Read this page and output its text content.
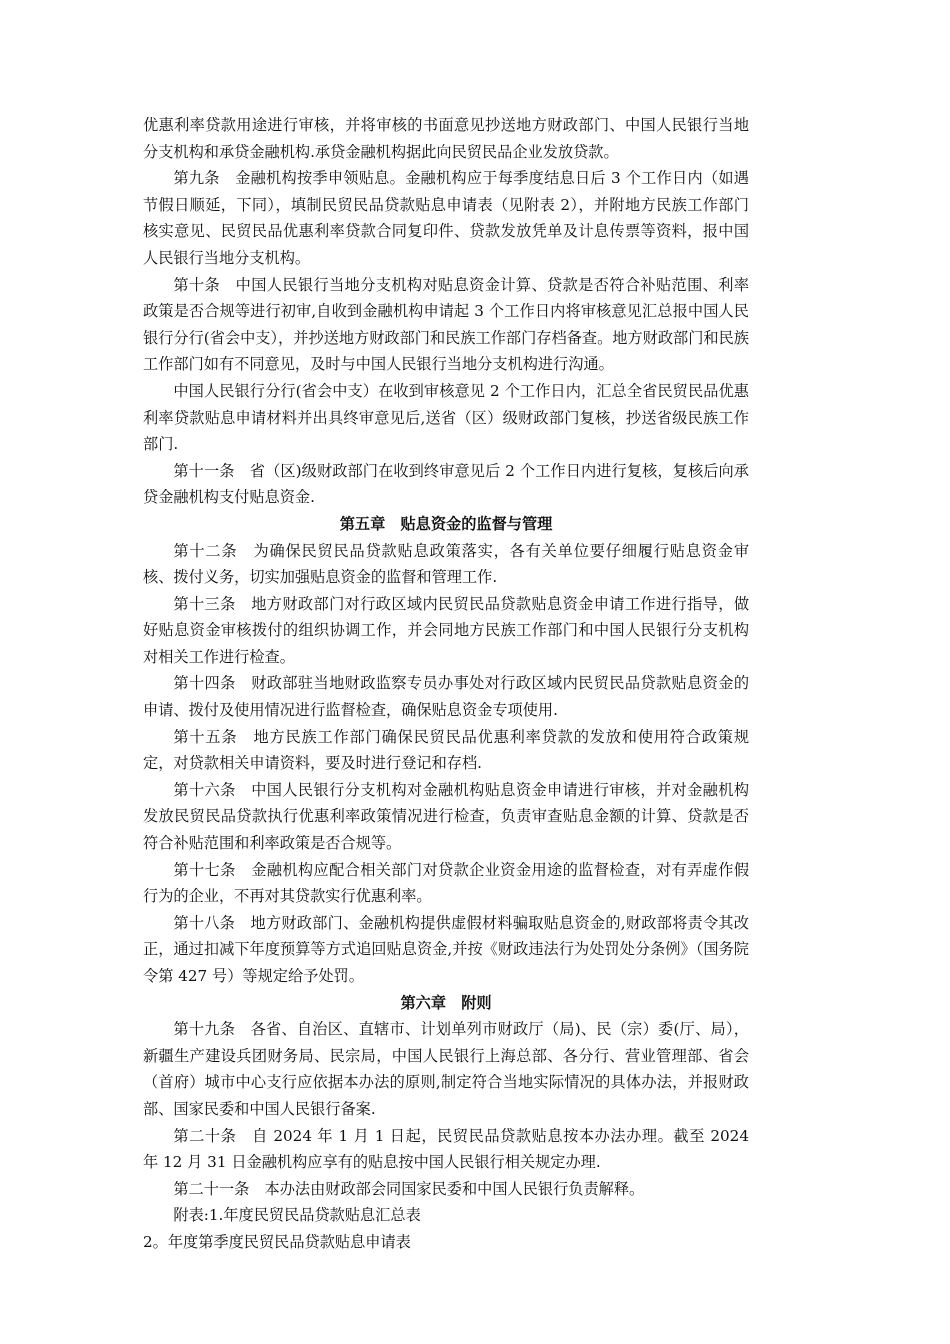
优惠利率贷款用途进行审核，并将审核的书面意见抄送地方财政部门、中国人民银行当地分支机构和承贷金融机构.承贷金融机构据此向民贸民品企业发放贷款。

第九条　金融机构按季申领贴息。金融机构应于每季度结息日后 3 个工作日内（如遇节假日顺延，下同），填制民贸民品贷款贴息申请表（见附表 2），并附地方民族工作部门核实意见、民贸民品优惠利率贷款合同复印件、贷款发放凭单及计息传票等资料，报中国人民银行当地分支机构。

第十条　中国人民银行当地分支机构对贴息资金计算、贷款是否符合补贴范围、利率政策是否合规等进行初审,自收到金融机构申请起 3 个工作日内将审核意见汇总报中国人民银行分行(省会中支），并抄送地方财政部门和民族工作部门存档备查。地方财政部门和民族工作部门如有不同意见，及时与中国人民银行当地分支机构进行沟通。

中国人民银行分行(省会中支）在收到审核意见 2 个工作日内，汇总全省民贸民品优惠利率贷款贴息申请材料并出具终审意见后,送省（区）级财政部门复核，抄送省级民族工作部门.

第十一条　省（区)级财政部门在收到终审意见后 2 个工作日内进行复核，复核后向承贷金融机构支付贴息资金.

第五章　贴息资金的监督与管理

第十二条　为确保民贸民品贷款贴息政策落实，各有关单位要仔细履行贴息资金审核、拨付义务，切实加强贴息资金的监督和管理工作.

第十三条　地方财政部门对行政区域内民贸民品贷款贴息资金申请工作进行指导，做好贴息资金审核拨付的组织协调工作，并会同地方民族工作部门和中国人民银行分支机构对相关工作进行检查。

第十四条　财政部驻当地财政监察专员办事处对行政区域内民贸民品贷款贴息资金的申请、拨付及使用情况进行监督检查，确保贴息资金专项使用.

第十五条　地方民族工作部门确保民贸民品优惠利率贷款的发放和使用符合政策规定，对贷款相关申请资料，要及时进行登记和存档.

第十六条　中国人民银行分支机构对金融机构贴息资金申请进行审核，并对金融机构发放民贸民品贷款执行优惠利率政策情况进行检查，负责审查贴息金额的计算、贷款是否符合补贴范围和利率政策是否合规等。

第十七条　金融机构应配合相关部门对贷款企业资金用途的监督检查，对有弄虚作假行为的企业，不再对其贷款实行优惠利率。

第十八条　地方财政部门、金融机构提供虚假材料骗取贴息资金的,财政部将责令其改正，通过扣减下年度预算等方式追回贴息资金,并按《财政违法行为处罚处分条例》（国务院令第 427 号）等规定给予处罚。

第六章　附则

第十九条　各省、自治区、直辖市、计划单列市财政厅（局)、民（宗）委(厅、局），新疆生产建设兵团财务局、民宗局，中国人民银行上海总部、各分行、营业管理部、省会（首府）城市中心支行应依据本办法的原则,制定符合当地实际情况的具体办法，并报财政部、国家民委和中国人民银行备案.

第二十条　自 2024 年 1 月 1 日起，民贸民品贷款贴息按本办法办理。截至 2024 年 12 月 31 日金融机构应享有的贴息按中国人民银行相关规定办理.

第二十一条　本办法由财政部会同国家民委和中国人民银行负责解释。

附表:1.年度民贸民品贷款贴息汇总表

2。年度第季度民贸民品贷款贴息申请表
